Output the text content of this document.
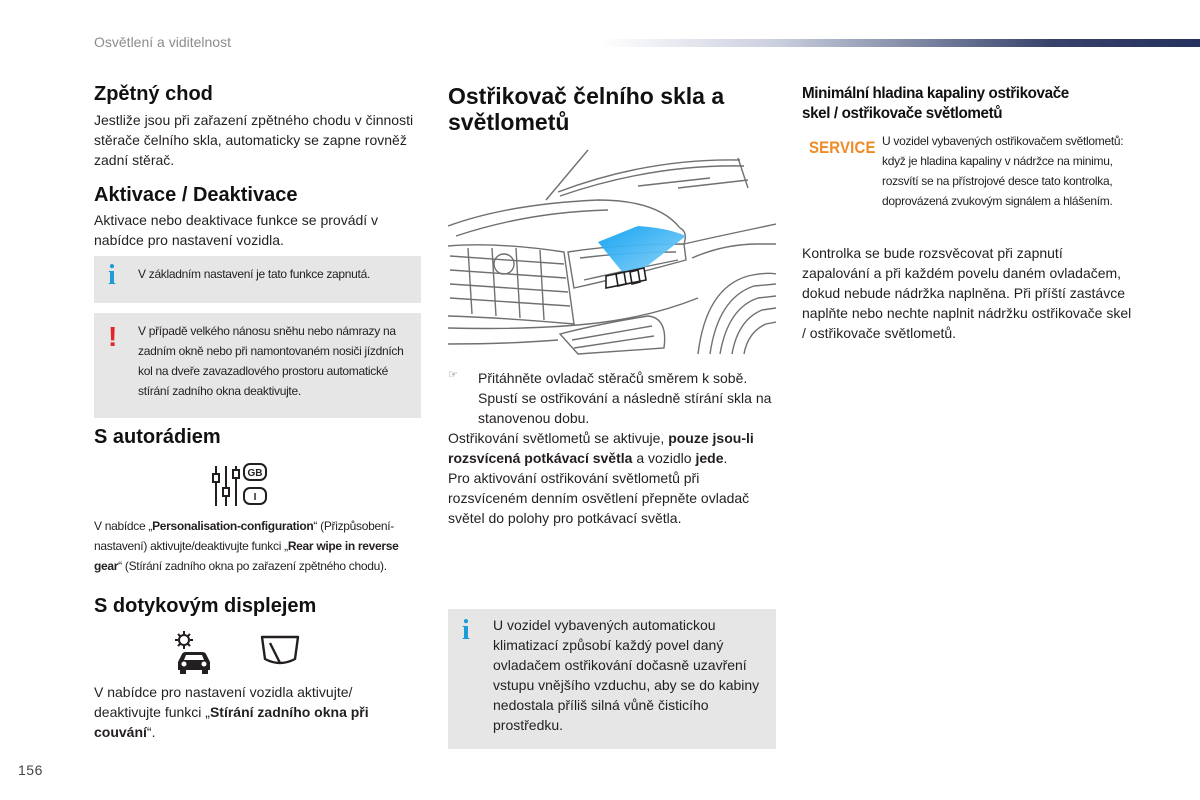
Osvětlení a viditelnost
Zpětný chod

Jestliže jsou při zařazení zpětného chodu v činnosti stěrače čelního skla, automaticky se zapne rovněž zadní stěrač.

Aktivace / Deaktivace

Aktivace nebo deaktivace funkce se provádí v nabídce pro nastavení vozidla.

i V základním nastavení je tato funkce zapnutá.

! V případě velkého nánosu sněhu nebo námrazy na zadním okně nebo při namontovaném nosiči jízdních kol na dveře zavazadlového prostoru automatické stírání zadního okna deaktivujte.

S autorádiem
GB
I

V nabídce „Personalisation-configuration“ (Přizpůsobení-nastavení) aktivujte/deaktivujte funkci „Rear wipe in reverse gear“ (Stírání zadního okna po zařazení zpětného chodu).

S dotykovým displejem

V nabídce pro nastavení vozidla aktivujte/ deaktivujte funkci „Stírání zadního okna při couvání“.

Ostřikovač čelního skla a světlometů
☞ Přitáhněte ovladač stěračů směrem k sobě. Spustí se ostřikování a následně stírání skla na stanovenou dobu.

Ostřikování světlometů se aktivuje, pouze jsou-li rozsvícená potkávací světla a vozidlo jede.
Pro aktivování ostřikování světlometů při rozsvíceném denním osvětlení přepněte ovladač světel do polohy pro potkávací světla.

i U vozidel vybavených automatickou klimatizací způsobí každý povel daný ovladačem ostřikování dočasně uzavření vstupu vnějšího vzduchu, aby se do kabiny nedostala příliš silná vůně čisticího prostředku.

Minimální hladina kapaliny ostřikovače
skel / ostřikovače světlometů
SERVICE U vozidel vybavených ostřikovačem světlometů: když je hladina kapaliny v nádržce na minimu, rozsvítí se na přístrojové desce tato kontrolka, doprovázená zvukovým signálem a hlášením.

Kontrolka se bude rozsvěcovat při zapnutí zapalování a při každém povelu daném ovladačem, dokud nebude nádržka naplněna. Při příští zastávce naplňte nebo nechte naplnit nádržku ostřikovače skel / ostřikovače světlometů.

156
